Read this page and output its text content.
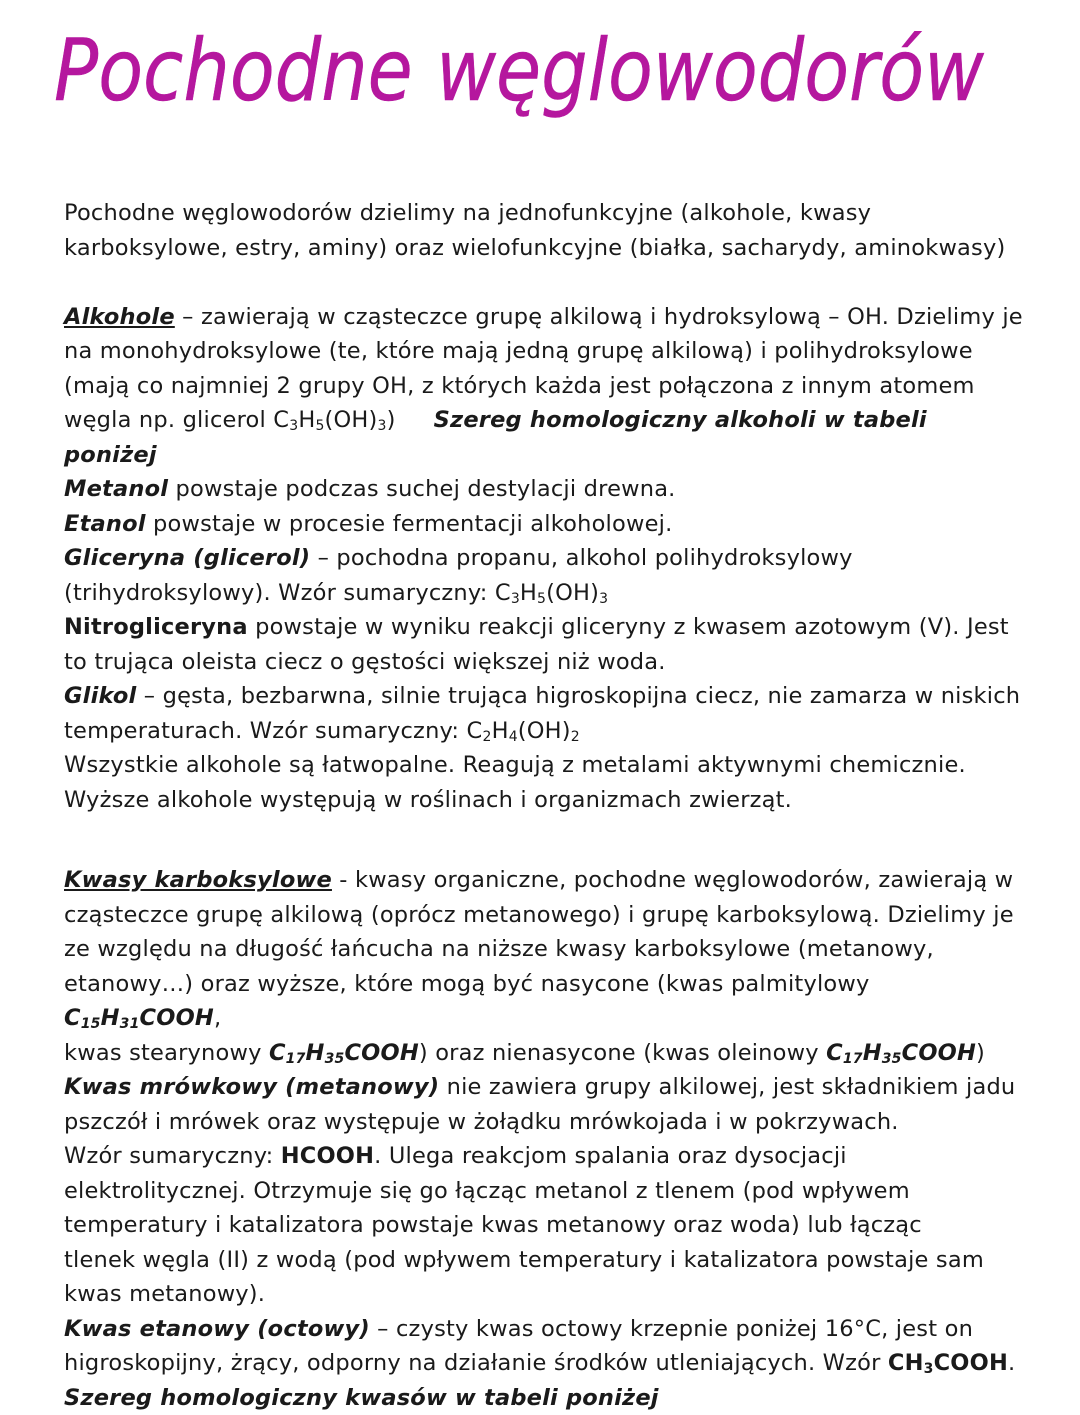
Pochodne węglowodorów

Pochodne węglowodorów dzielimy na jednofunkcyjne (alkohole, kwasy
karboksylowe, estry, aminy) oraz wielofunkcyjne (białka, sacharydy, aminokwasy)

Alkohole – zawierają w cząsteczce grupę alkilową i hydroksylową – OH. Dzielimy je
na monohydroksylowe (te, które mają jedną grupę alkilową) i polihydroksylowe
(mają co najmniej 2 grupy OH, z których każda jest połączona z innym atomem
węgla np. glicerol $C_3H_5(OH)_3$) Szereg homologiczny alkoholi w tabeli poniżej
Metanol powstaje podczas suchej destylacji drewna.
Etanol powstaje w procesie fermentacji alkoholowej.
Gliceryna (glicerol) – pochodna propanu, alkohol polihydroksylowy
(trihydroksylowy). Wzór sumaryczny: $C_3H_5(OH)_3$
Nitrogliceryna powstaje w wyniku reakcji gliceryny z kwasem azotowym (V). Jest
to trująca oleista ciecz o gęstości większej niż woda.
Glikol – gęsta, bezbarwna, silnie trująca higroskopijna ciecz, nie zamarza w niskich
temperaturach. Wzór sumaryczny: $C_2H_4(OH)_2$
Wszystkie alkohole są łatwopalne. Reagują z metalami aktywnymi chemicznie.
Wyższe alkohole występują w roślinach i organizmach zwierząt.

Kwasy karboksylowe - kwasy organiczne, pochodne węglowodorów, zawierają w
cząsteczce grupę alkilową (oprócz metanowego) i grupę karboksylową. Dzielimy je
ze względu na długość łańcucha na niższe kwasy karboksylowe (metanowy,
etanowy…) oraz wyższe, które mogą być nasycone (kwas palmitylowy $C_{15}H_{31}COOH$,
kwas stearynowy $C_{17}H_{35}COOH$) oraz nienasycone (kwas oleinowy $C_{17}H_{35}COOH$)
Kwas mrówkowy (metanowy) nie zawiera grupy alkilowej, jest składnikiem jadu
pszczół i mrówek oraz występuje w żołądku mrówkojada i w pokrzywach.
Wzór sumaryczny: HCOOH. Ulega reakcjom spalania oraz dysocjacji
elektrolitycznej. Otrzymuje się go łącząc metanol z tlenem (pod wpływem
temperatury i katalizatora powstaje kwas metanowy oraz woda) lub łącząc
tlenek węgla (II) z wodą (pod wpływem temperatury i katalizatora powstaje sam
kwas metanowy).
Kwas etanowy (octowy) – czysty kwas octowy krzepnie poniżej 16°C, jest on
higroskopijny, żrący, odporny na działanie środków utleniających. Wzór $CH_3COOH$.
Szereg homologiczny kwasów w tabeli poniżej
